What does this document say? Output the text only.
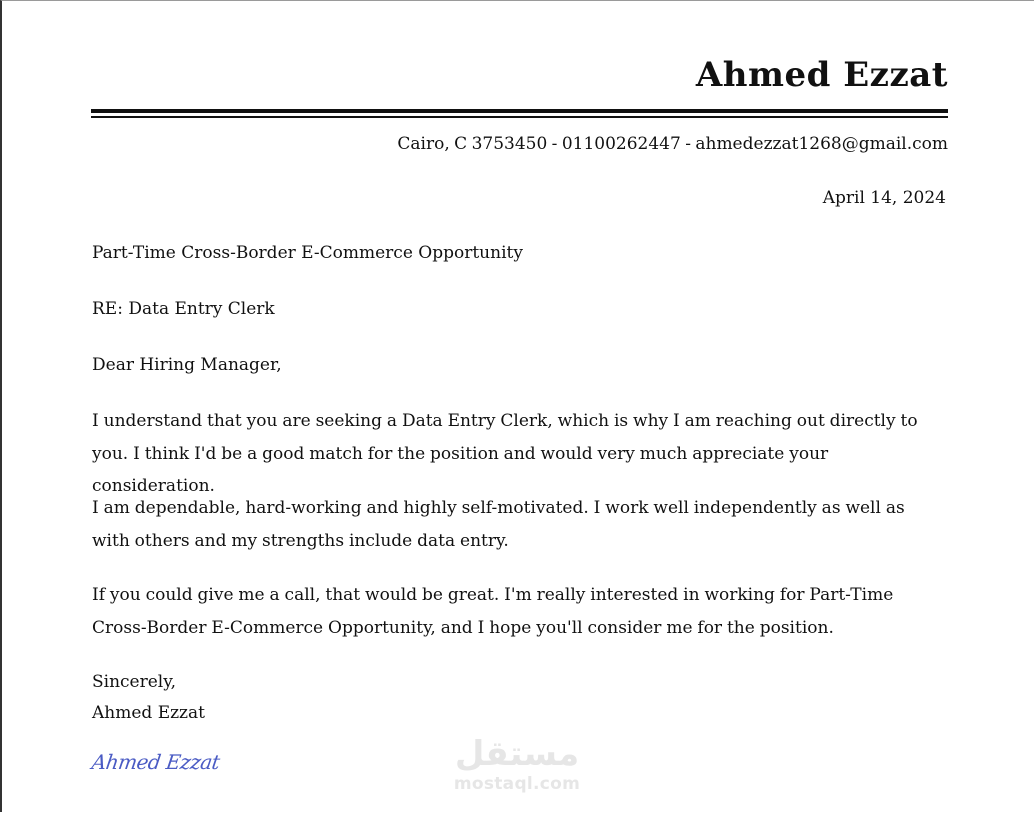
Ahmed Ezzat
Cairo, C 3753450 - 01100262447 - ahmedezzat1268@gmail.com
April 14, 2024
Part-Time Cross-Border E-Commerce Opportunity
RE: Data Entry Clerk
Dear Hiring Manager,
I understand that you are seeking a Data Entry Clerk, which is why I am reaching out directly to you. I think I'd be a good match for the position and would very much appreciate your consideration.
I am dependable, hard-working and highly self-motivated. I work well independently as well as with others and my strengths include data entry.
If you could give me a call, that would be great. I'm really interested in working for Part-Time Cross-Border E-Commerce Opportunity, and I hope you'll consider me for the position.
Sincerely,
Ahmed Ezzat
Ahmed Ezzat	مستقل
mostaql.com
